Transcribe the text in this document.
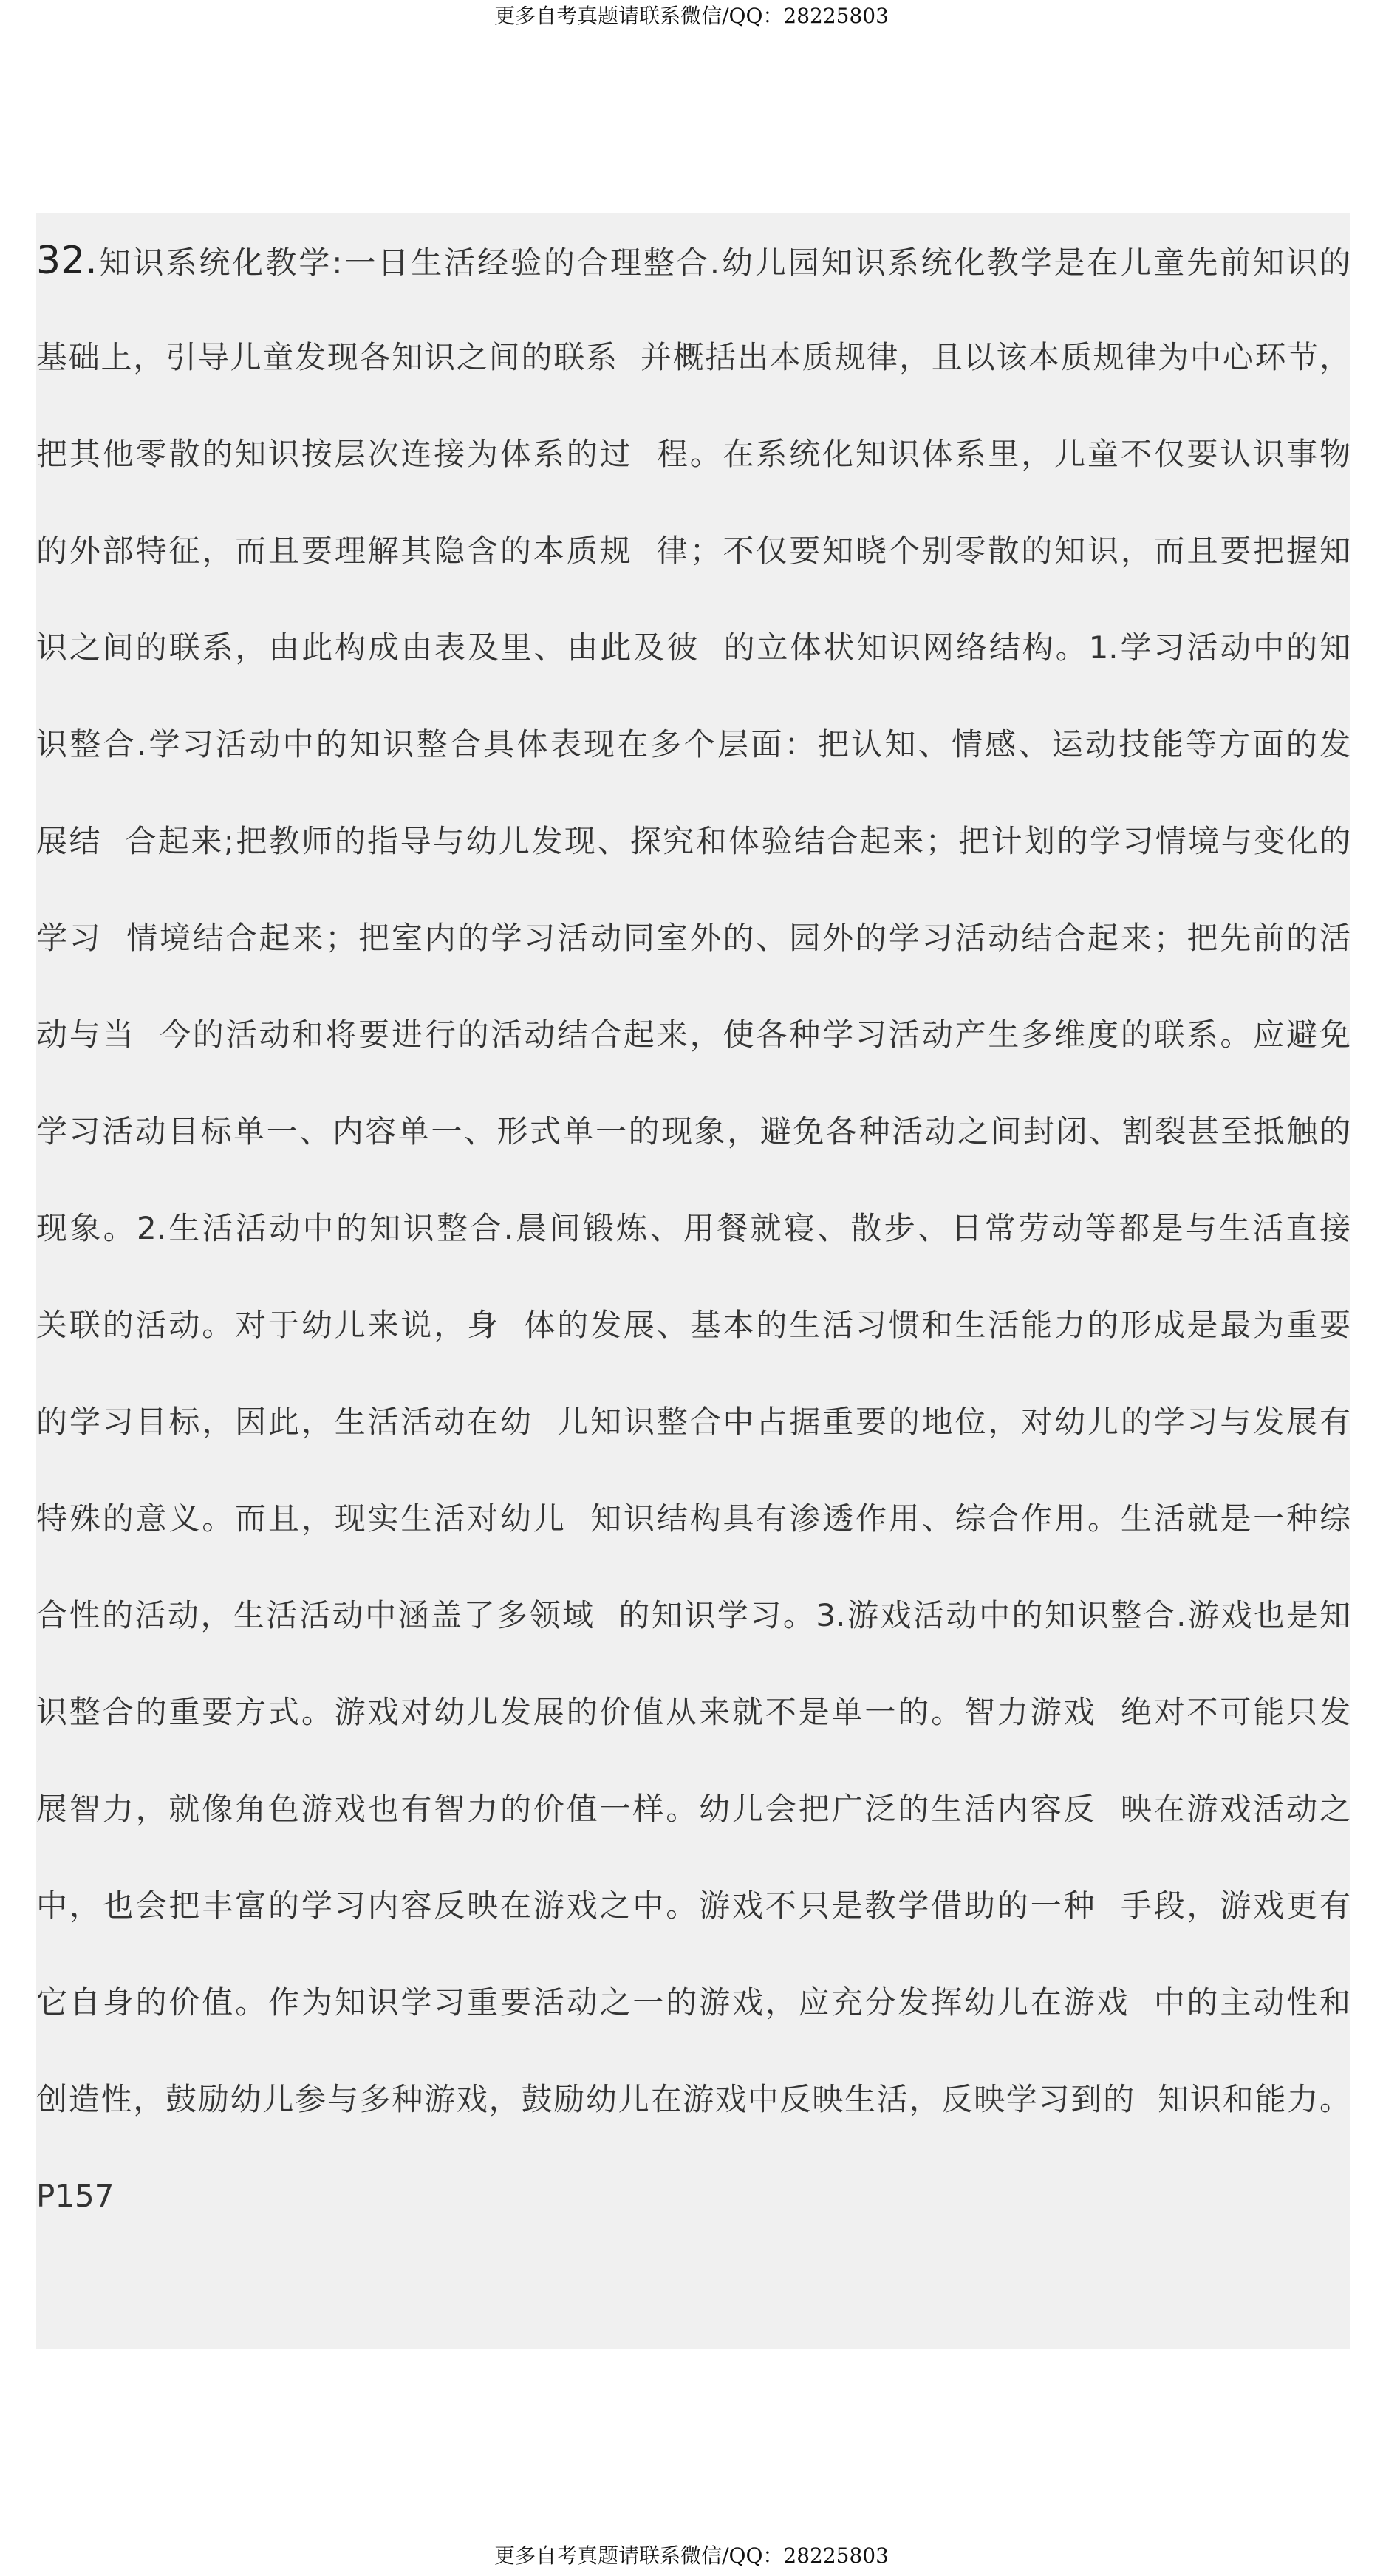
更多自考真题请联系微信/QQ：28225803
32.知识系统化教学:一日生活经验的合理整合.幼儿园知识系统化教学是在儿童先前知识的
基础上，引导儿童发现各知识之间的联系  并概括出本质规律，且以该本质规律为中心环节，
把其他零散的知识按层次连接为体系的过  程。在系统化知识体系里，儿童不仅要认识事物
的外部特征，而且要理解其隐含的本质规  律；不仅要知晓个别零散的知识，而且要把握知
识之间的联系，由此构成由表及里、由此及彼  的立体状知识网络结构。1.学习活动中的知
识整合.学习活动中的知识整合具体表现在多个层面：把认知、情感、运动技能等方面的发
展结  合起来;把教师的指导与幼儿发现、探究和体验结合起来；把计划的学习情境与变化的
学习  情境结合起来；把室内的学习活动同室外的、园外的学习活动结合起来；把先前的活
动与当  今的活动和将要进行的活动结合起来，使各种学习活动产生多维度的联系。应避免
学习活动目标单一、内容单一、形式单一的现象，避免各种活动之间封闭、割裂甚至抵触的
现象。2.生活活动中的知识整合.晨间锻炼、用餐就寝、散步、日常劳动等都是与生活直接
关联的活动。对于幼儿来说，身  体的发展、基本的生活习惯和生活能力的形成是最为重要
的学习目标，因此，生活活动在幼  儿知识整合中占据重要的地位，对幼儿的学习与发展有
特殊的意义。而且，现实生活对幼儿  知识结构具有渗透作用、综合作用。生活就是一种综
合性的活动，生活活动中涵盖了多领域  的知识学习。3.游戏活动中的知识整合.游戏也是知
识整合的重要方式。游戏对幼儿发展的价值从来就不是单一的。智力游戏  绝对不可能只发
展智力，就像角色游戏也有智力的价值一样。幼儿会把广泛的生活内容反  映在游戏活动之
中，也会把丰富的学习内容反映在游戏之中。游戏不只是教学借助的一种  手段，游戏更有
它自身的价值。作为知识学习重要活动之一的游戏，应充分发挥幼儿在游戏  中的主动性和
创造性，鼓励幼儿参与多种游戏，鼓励幼儿在游戏中反映生活，反映学习到的  知识和能力。
P157
更多自考真题请联系微信/QQ：28225803
